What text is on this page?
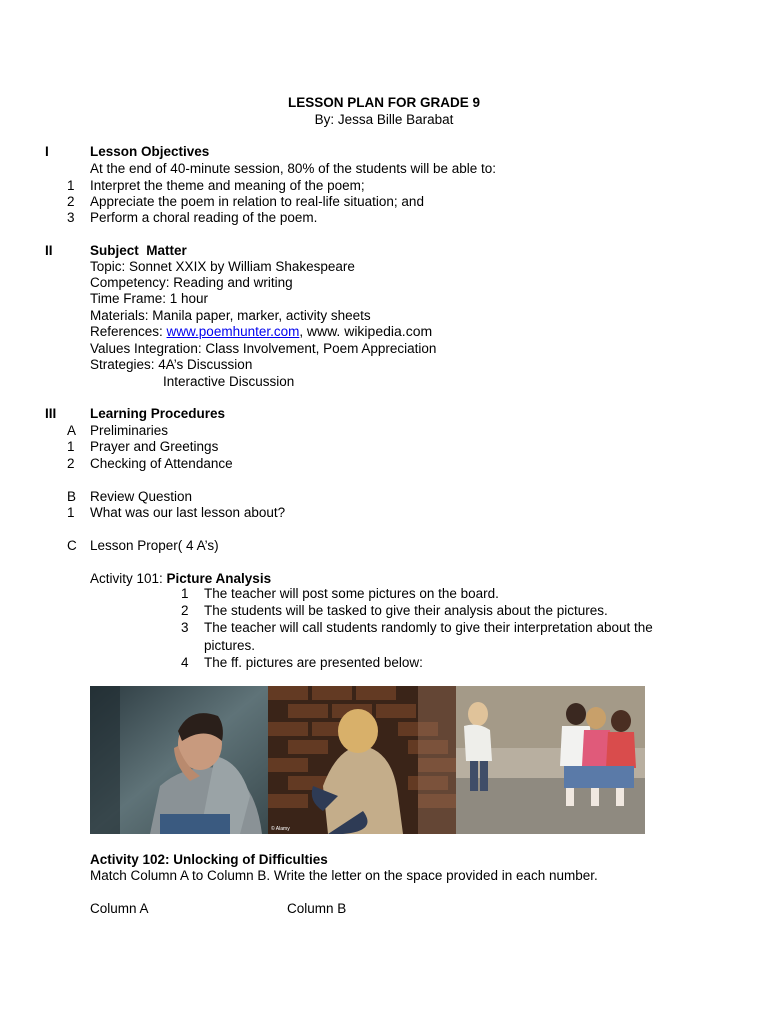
LESSON PLAN FOR GRADE 9
By: Jessa Bille Barabat
I	Lesson Objectives
At the end of 40-minute session, 80% of the students will be able to:
1 Interpret the theme and meaning of the poem;
2 Appreciate the poem in relation to real-life situation; and
3 Perform a choral reading of the poem.
II	Subject  Matter
Topic: Sonnet XXIX by William Shakespeare
Competency: Reading and writing
Time Frame: 1 hour
Materials: Manila paper, marker, activity sheets
References: www.poemhunter.com, www. wikipedia.com
Values Integration: Class Involvement, Poem Appreciation
Strategies: 4A’s Discussion
Interactive Discussion
III Learning Procedures
A Preliminaries
1 Prayer and Greetings
2 Checking of Attendance
B Review Question
1 What was our last lesson about?
C Lesson Proper( 4 A’s)
Activity 101: Picture Analysis
1 The teacher will post some pictures on the board.
2 The students will be tasked to give their analysis about the pictures.
3 The teacher will call students randomly to give their interpretation about the
pictures.
4 The ff. pictures are presented below:
© Alamy
Activity 102: Unlocking of Difficulties
Match Column A to Column B. Write the letter on the space provided in each number.
Column A	Column B
